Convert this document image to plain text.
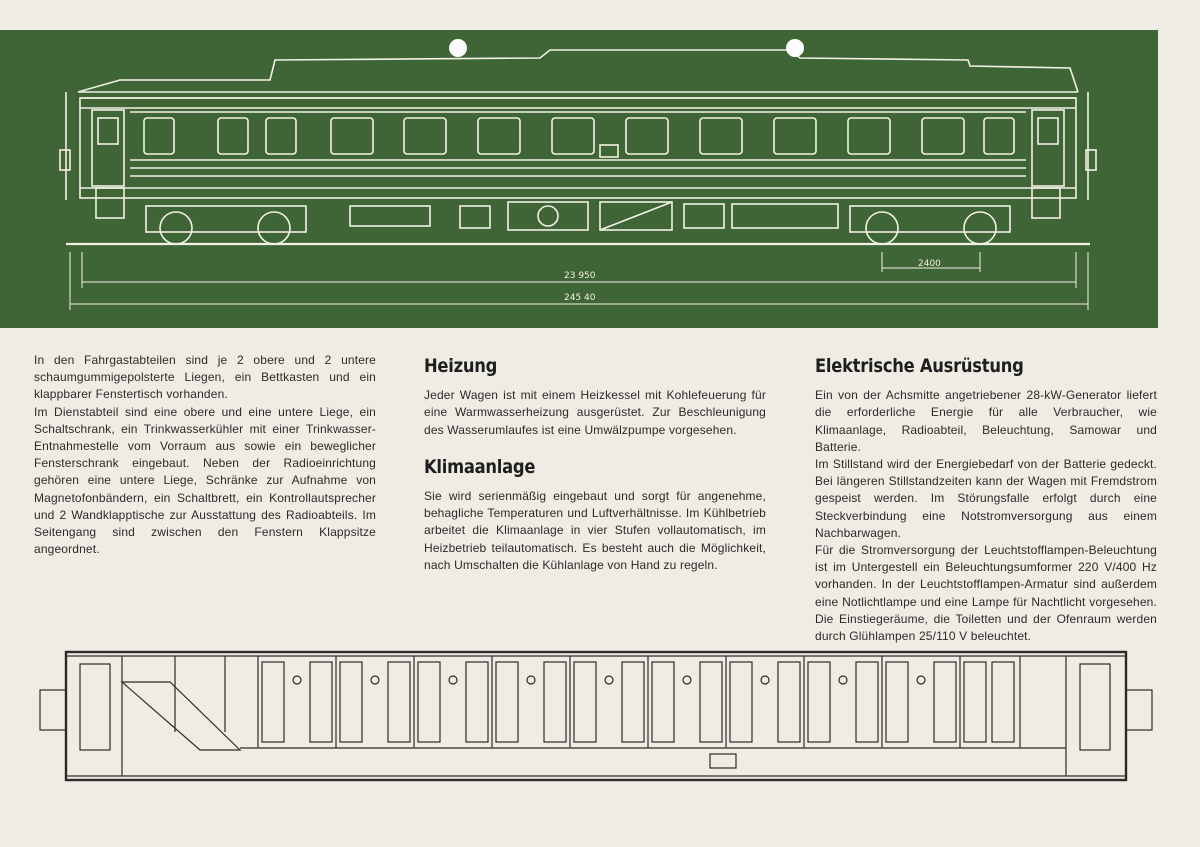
23 950
245 40
2400

In den Fahrgastabteilen sind je 2 obere und 2 untere schaumgummigepolsterte Liegen, ein Bettkasten und ein klappbarer Fenstertisch vorhanden.

Im Dienstabteil sind eine obere und eine untere Liege, ein Schaltschrank, ein Trinkwasserkühler mit einer Trinkwasser-Entnahmestelle vom Vorraum aus sowie ein beweglicher Fensterschrank eingebaut. Neben der Radioeinrichtung gehören eine untere Liege, Schränke zur Aufnahme von Magnetofonbändern, ein Schaltbrett, ein Kontrollautsprecher und 2 Wandklapptische zur Ausstattung des Radioabteils. Im Seitengang sind zwischen den Fenstern Klappsitze angeordnet.

Heizung

Jeder Wagen ist mit einem Heizkessel mit Kohlefeuerung für eine Warmwasserheizung ausgerüstet. Zur Beschleunigung des Wasserumlaufes ist eine Umwälzpumpe vorgesehen.

Klimaanlage

Sie wird serienmäßig eingebaut und sorgt für angenehme, behagliche Temperaturen und Luftverhältnisse. Im Kühlbetrieb arbeitet die Klimaanlage in vier Stufen vollautomatisch, im Heizbetrieb teilautomatisch. Es besteht auch die Möglichkeit, nach Umschalten die Kühlanlage von Hand zu regeln.

Elektrische Ausrüstung

Ein von der Achsmitte angetriebener 28-kW-Generator liefert die erforderliche Energie für alle Verbraucher, wie Klimaanlage, Radioabteil, Beleuchtung, Samowar und Batterie.

Im Stillstand wird der Energiebedarf von der Batterie gedeckt. Bei längeren Stillstandzeiten kann der Wagen mit Fremdstrom gespeist werden. Im Störungsfalle erfolgt durch eine Steckverbindung eine Notstromversorgung aus einem Nachbarwagen.

Für die Stromversorgung der Leuchtstofflampen-Beleuchtung ist im Untergestell ein Beleuchtungsumformer 220 V/400 Hz vorhanden. In der Leuchtstofflampen-Armatur sind außerdem eine Notlichtlampe und eine Lampe für Nachtlicht vorgesehen. Die Einstiegeräume, die Toiletten und der Ofenraum werden durch Glühlampen 25/110 V beleuchtet.
